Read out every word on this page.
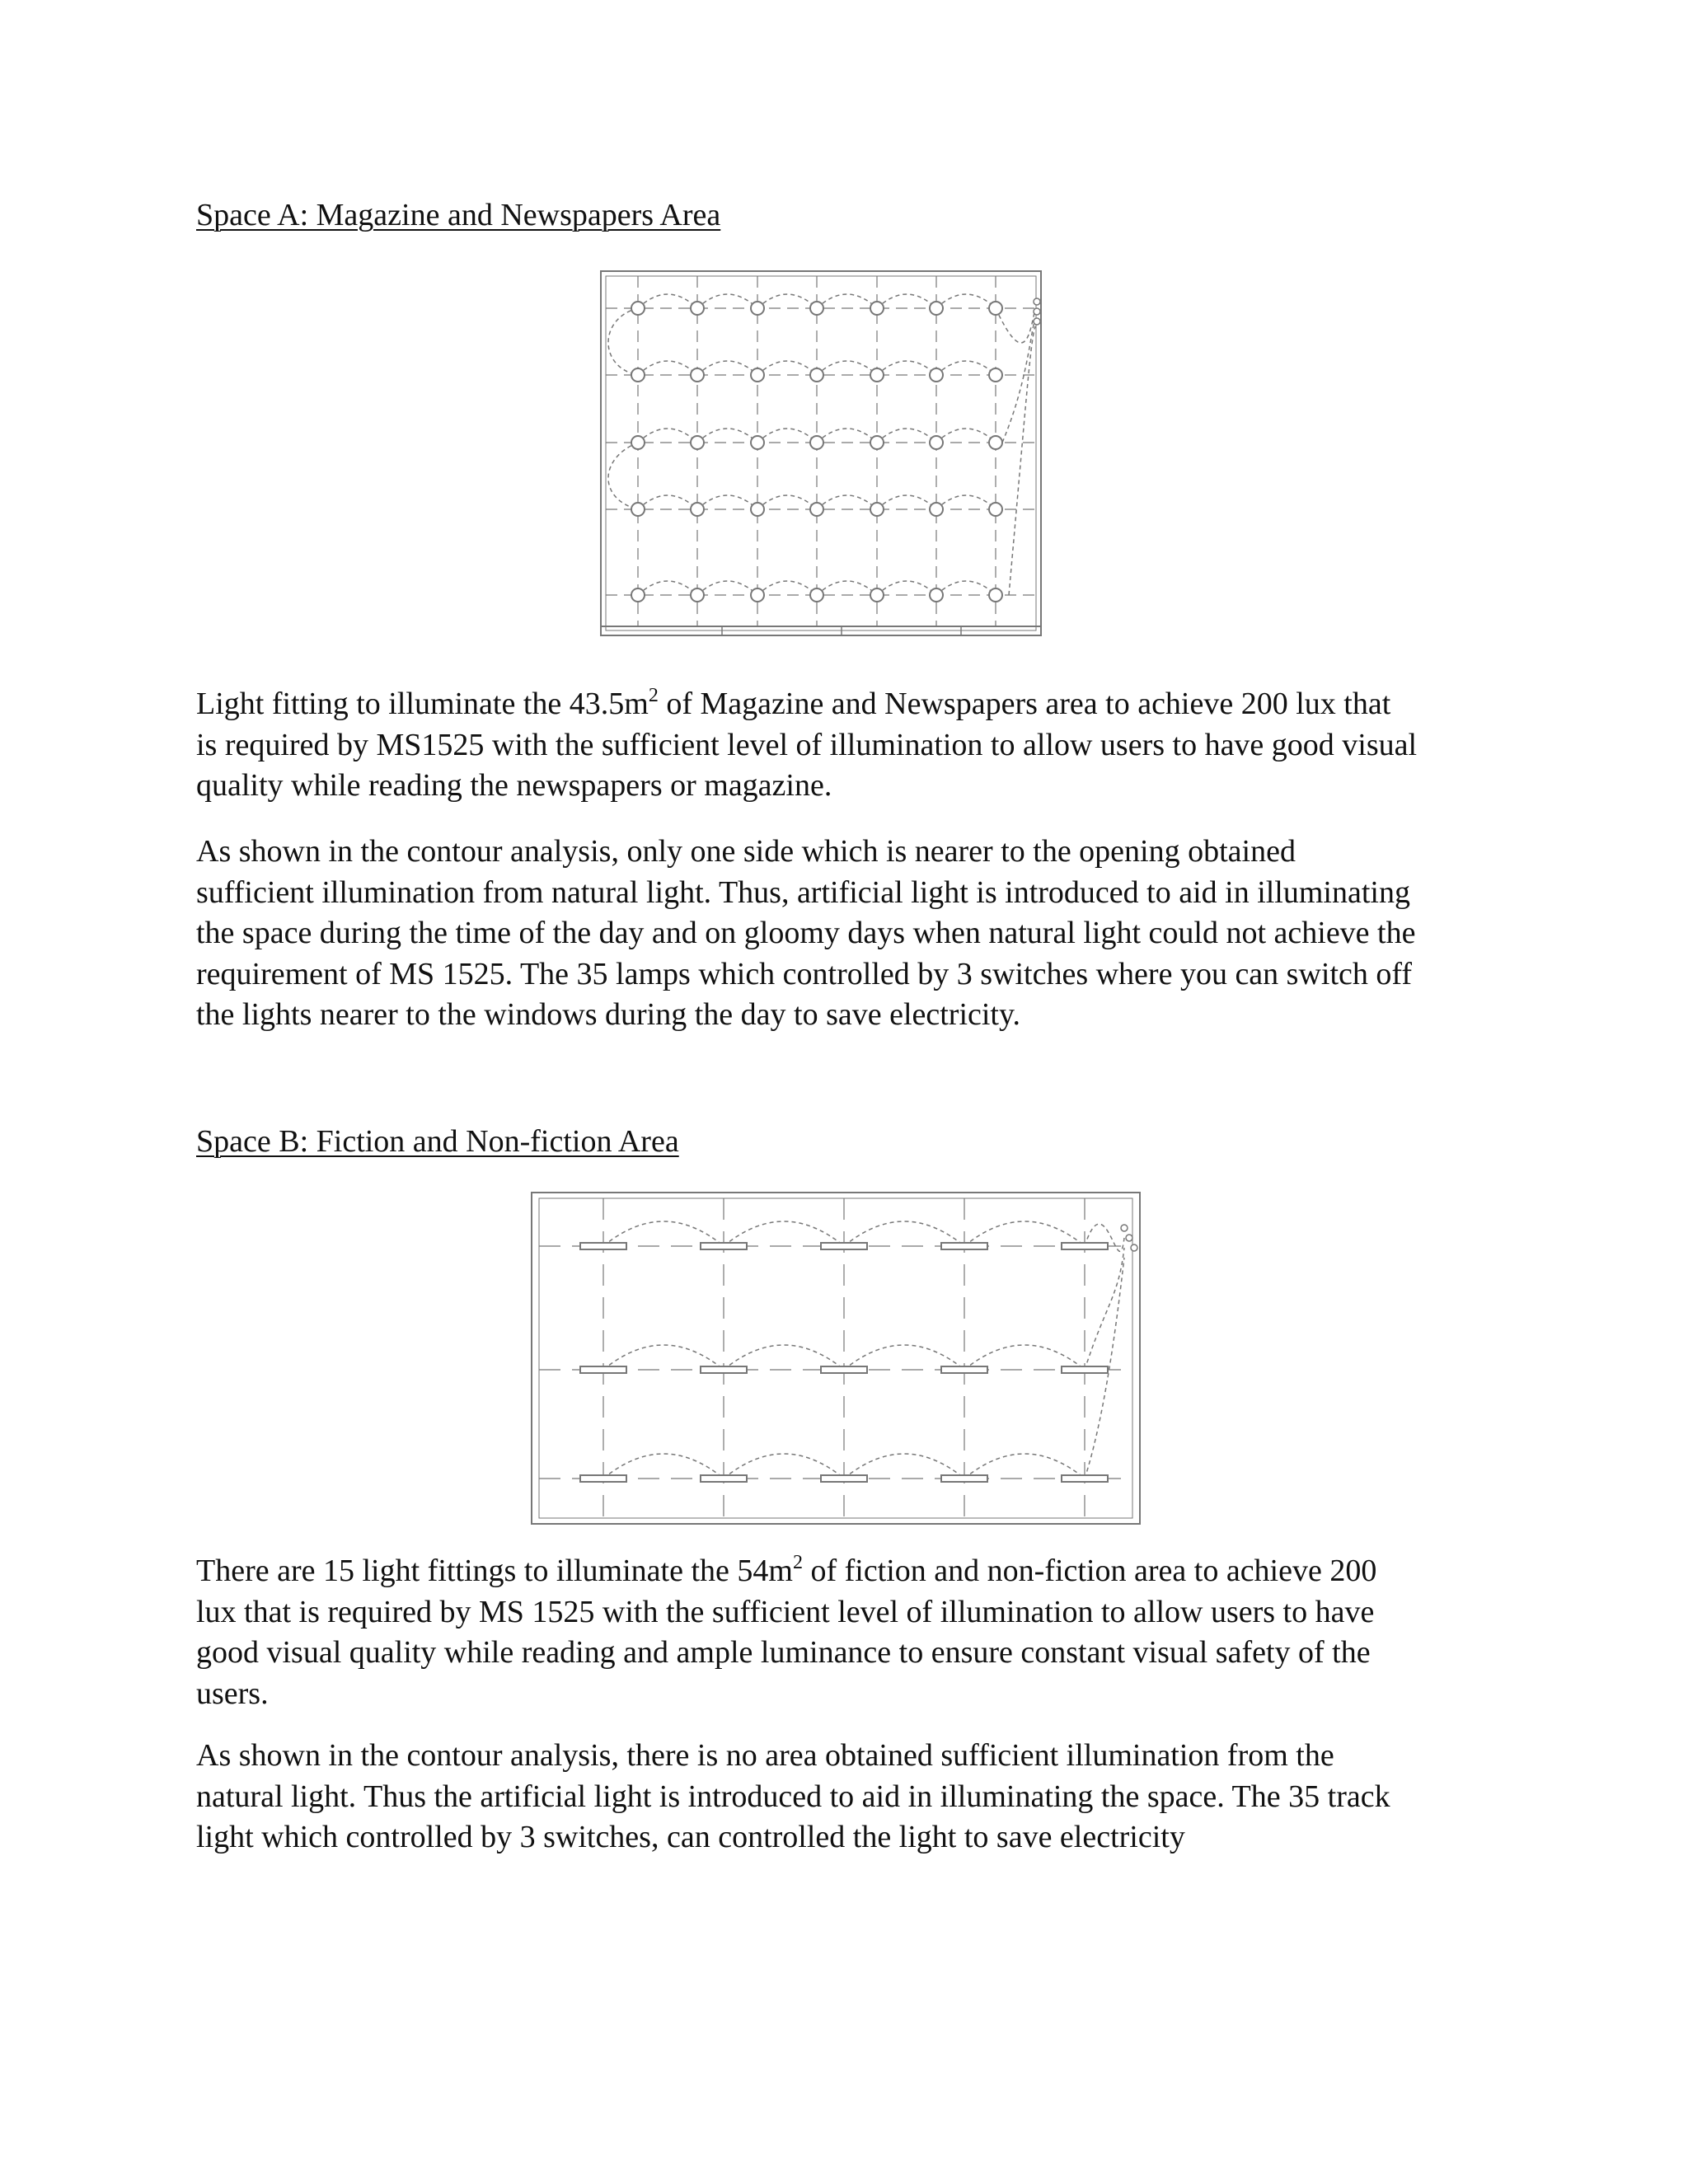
Space A: Magazine and Newspapers Area
Light fitting to illuminate the $43.5m^2$ of Magazine and Newspapers area to achieve 200 lux that
is required by MS1525 with the sufficient level of illumination to allow users to have good visual
quality while reading the newspapers or magazine.
As shown in the contour analysis, only one side which is nearer to the opening obtained
sufficient illumination from natural light. Thus, artificial light is introduced to aid in illuminating
the space during the time of the day and on gloomy days when natural light could not achieve the
requirement of MS 1525. The 35 lamps which controlled by 3 switches where you can switch off
the lights nearer to the windows during the day to save electricity.
Space B: Fiction and Non-fiction Area
There are 15 light fittings to illuminate the $54m^2$ of fiction and non-fiction area to achieve 200
lux that is required by MS 1525 with the sufficient level of illumination to allow users to have
good visual quality while reading and ample luminance to ensure constant visual safety of the
users.
As shown in the contour analysis, there is no area obtained sufficient illumination from the
natural light. Thus the artificial light is introduced to aid in illuminating the space. The 35 track
light which controlled by 3 switches, can controlled the light to save electricity
